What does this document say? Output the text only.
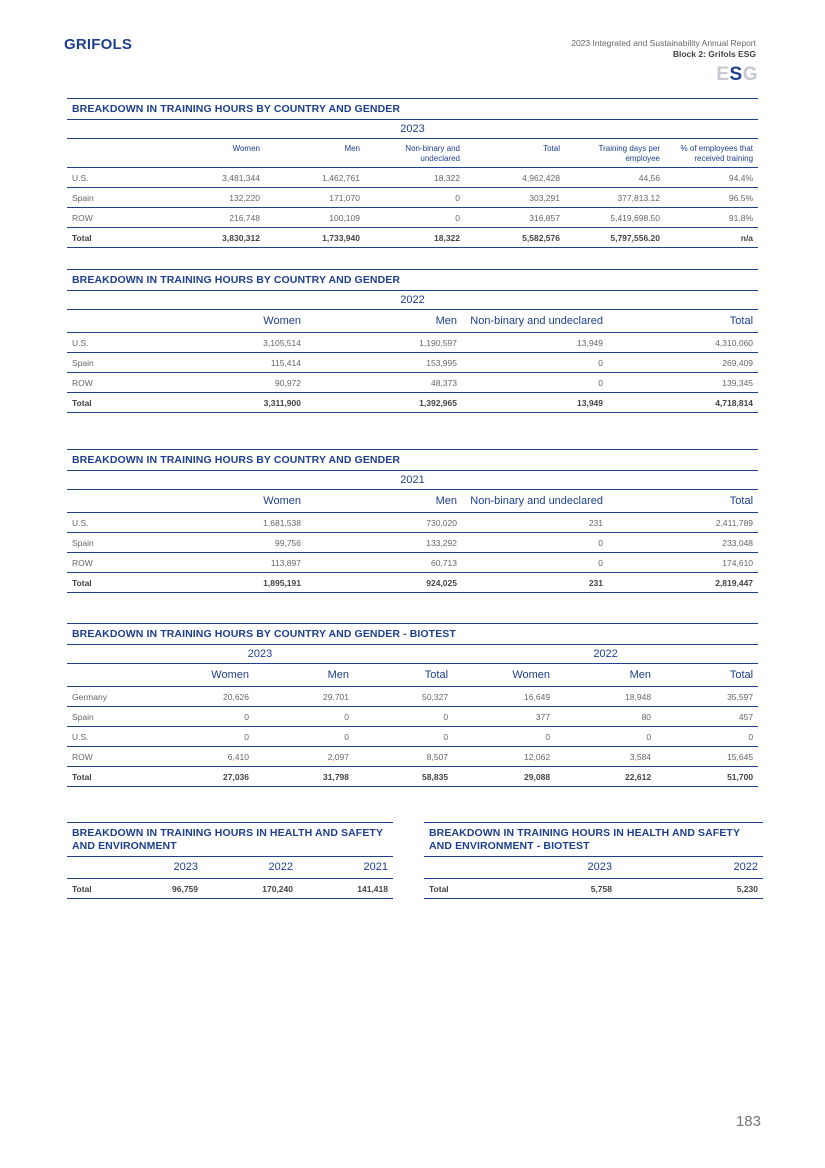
GRIFOLS	2023 Integrated and Sustainability Annual Report
Block 2: Grifols ESG
ESG
BREAKDOWN IN TRAINING HOURS BY COUNTRY AND GENDER
2023						
	Women	Men	Non-binary and undeclared	Total	Training days per employee	% of employees that received training
U.S.	3,481,344	1,462,761	18,322	4,962,428	44,56	94.4%
Spain	132,220	171,070	0	303,291	377,813.12	96.5%
ROW	216,748	100,109	0	316,857	5,419,698.50	91.8%
Total	3,830,312	1,733,940	18,322	5,582,576	5,797,556.20	n/a
BREAKDOWN IN TRAINING HOURS BY COUNTRY AND GENDER
2022				
	Women	Men	Non-binary and undeclared	Total
U.S.	3,105,514	1,190,597	13,949	4,310,060
Spain	115,414	153,995	0	269,409
ROW	90,972	48,373	0	139,345
Total	3,311,900	1,392,965	13,949	4,718,814
BREAKDOWN IN TRAINING HOURS BY COUNTRY AND GENDER
2021				
	Women	Men	Non-binary and undeclared	Total
U.S.	1,681,538	730,020	231	2,411,789
Spain	99,756	133,292	0	233,048
ROW	113,897	60,713	0	174,610
Total	1,895,191	924,025	231	2,819,447
BREAKDOWN IN TRAINING HOURS BY COUNTRY AND GENDER - BIOTEST
2023				2022		
	Women	Men	Total	Women	Men	Total
Germany	20,626	29,701	50,327	16,649	18,948	35,597
Spain	0	0	0	377	80	457
U.S.	0	0	0	0	0	0
ROW	6,410	2,097	8,507	12,062	3,584	15,645
Total	27,036	31,798	58,835	29,088	22,612	51,700
BREAKDOWN IN TRAINING HOURS IN HEALTH AND SAFETY AND ENVIRONMENT
	2023	2022	2021
Total	96,759	170,240	141,418
BREAKDOWN IN TRAINING HOURS IN HEALTH AND SAFETY AND ENVIRONMENT - BIOTEST
	2023	2022
Total	5,758	5,230
183
